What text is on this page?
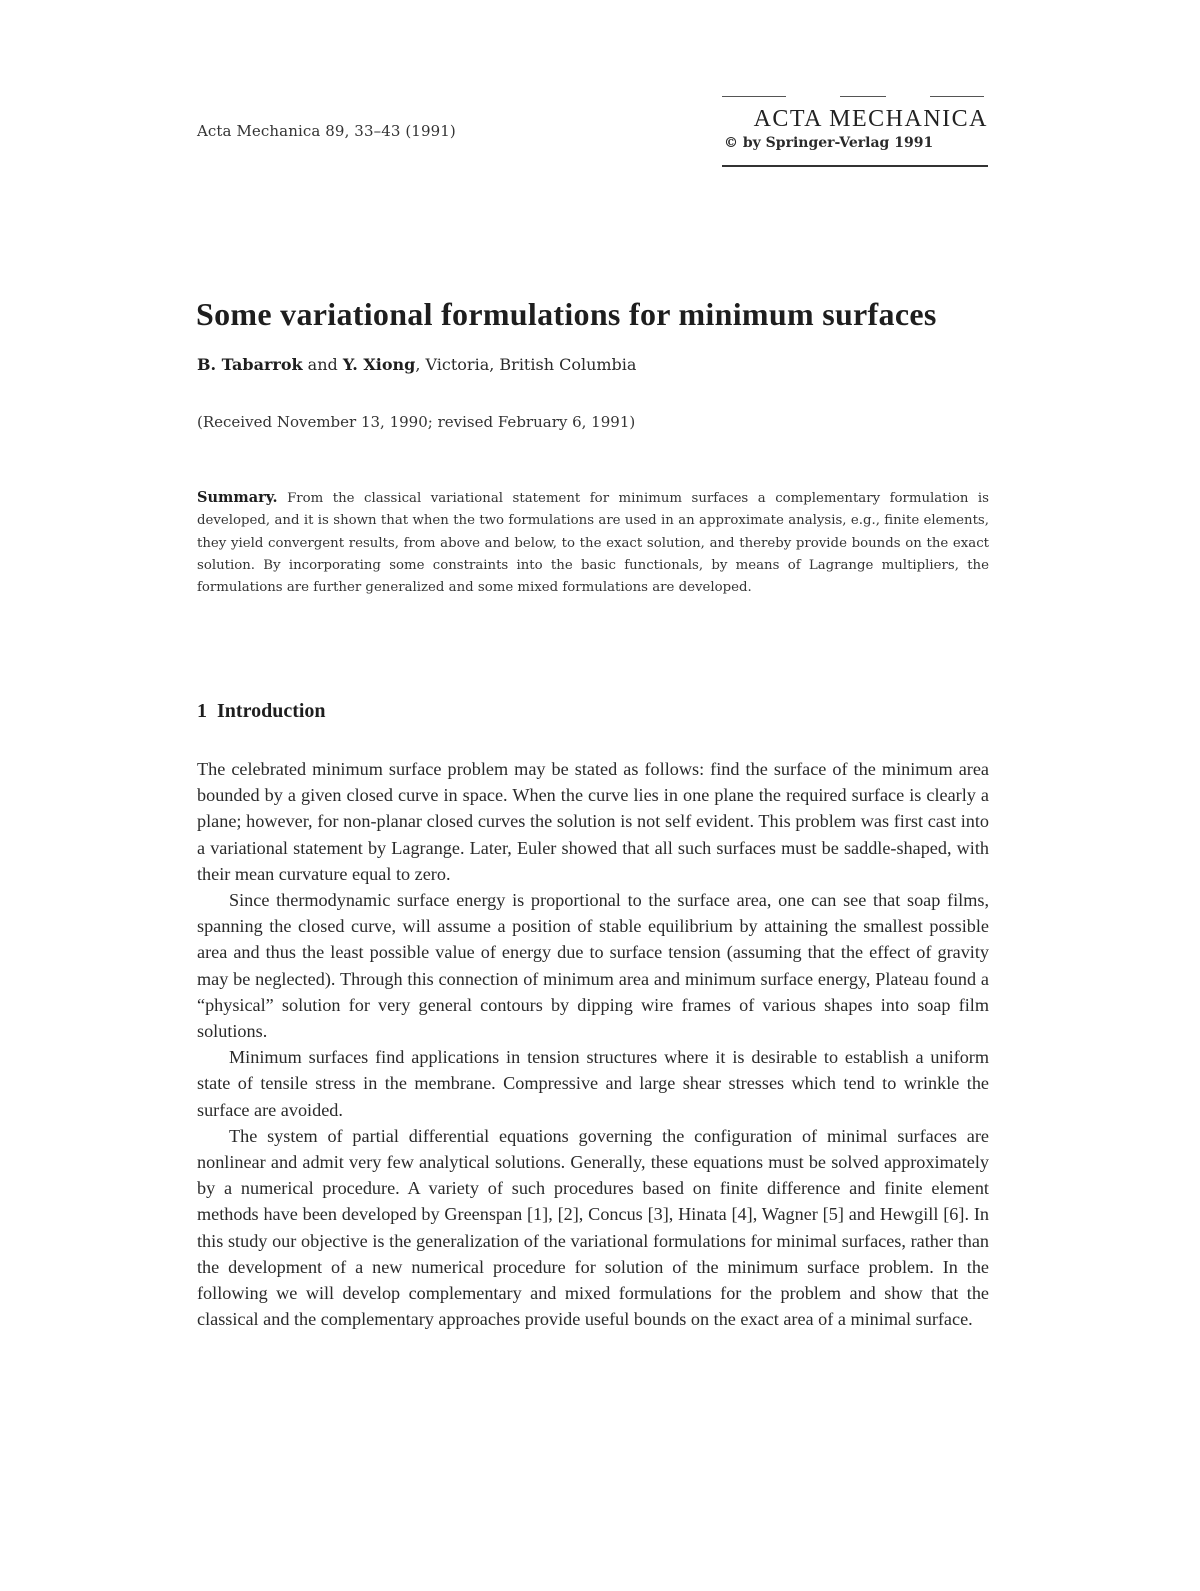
Acta Mechanica 89, 33–43 (1991)	ACTA MECHANICA
© by Springer-Verlag 1991
Some variational formulations for minimum surfaces
B. Tabarrok and Y. Xiong, Victoria, British Columbia
(Received November 13, 1990; revised February 6, 1991)

Summary. From the classical variational statement for minimum surfaces a complementary formulation is developed, and it is shown that when the two formulations are used in an approximate analysis, e.g., finite elements, they yield convergent results, from above and below, to the exact solution, and thereby provide bounds on the exact solution. By incorporating some constraints into the basic functionals, by means of Lagrange multipliers, the formulations are further generalized and some mixed formulations are developed.

1 Introduction

The celebrated minimum surface problem may be stated as follows: find the surface of the minimum area bounded by a given closed curve in space. When the curve lies in one plane the required surface is clearly a plane; however, for non-planar closed curves the solution is not self evident. This problem was first cast into a variational statement by Lagrange. Later, Euler showed that all such surfaces must be saddle-shaped, with their mean curvature equal to zero.

Since thermodynamic surface energy is proportional to the surface area, one can see that soap films, spanning the closed curve, will assume a position of stable equilibrium by attaining the smallest possible area and thus the least possible value of energy due to surface tension (assuming that the effect of gravity may be neglected). Through this connection of minimum area and minimum surface energy, Plateau found a “physical” solution for very general contours by dipping wire frames of various shapes into soap film solutions.

Minimum surfaces find applications in tension structures where it is desirable to establish a uniform state of tensile stress in the membrane. Compressive and large shear stresses which tend to wrinkle the surface are avoided.

The system of partial differential equations governing the configuration of minimal surfaces are nonlinear and admit very few analytical solutions. Generally, these equations must be solved approximately by a numerical procedure. A variety of such procedures based on finite difference and finite element methods have been developed by Greenspan [1], [2], Concus [3], Hinata [4], Wagner [5] and Hewgill [6]. In this study our objective is the generalization of the variational formulations for minimal surfaces, rather than the development of a new numerical procedure for solution of the minimum surface problem. In the following we will develop complementary and mixed formulations for the problem and show that the classical and the complementary approaches provide useful bounds on the exact area of a minimal surface.
